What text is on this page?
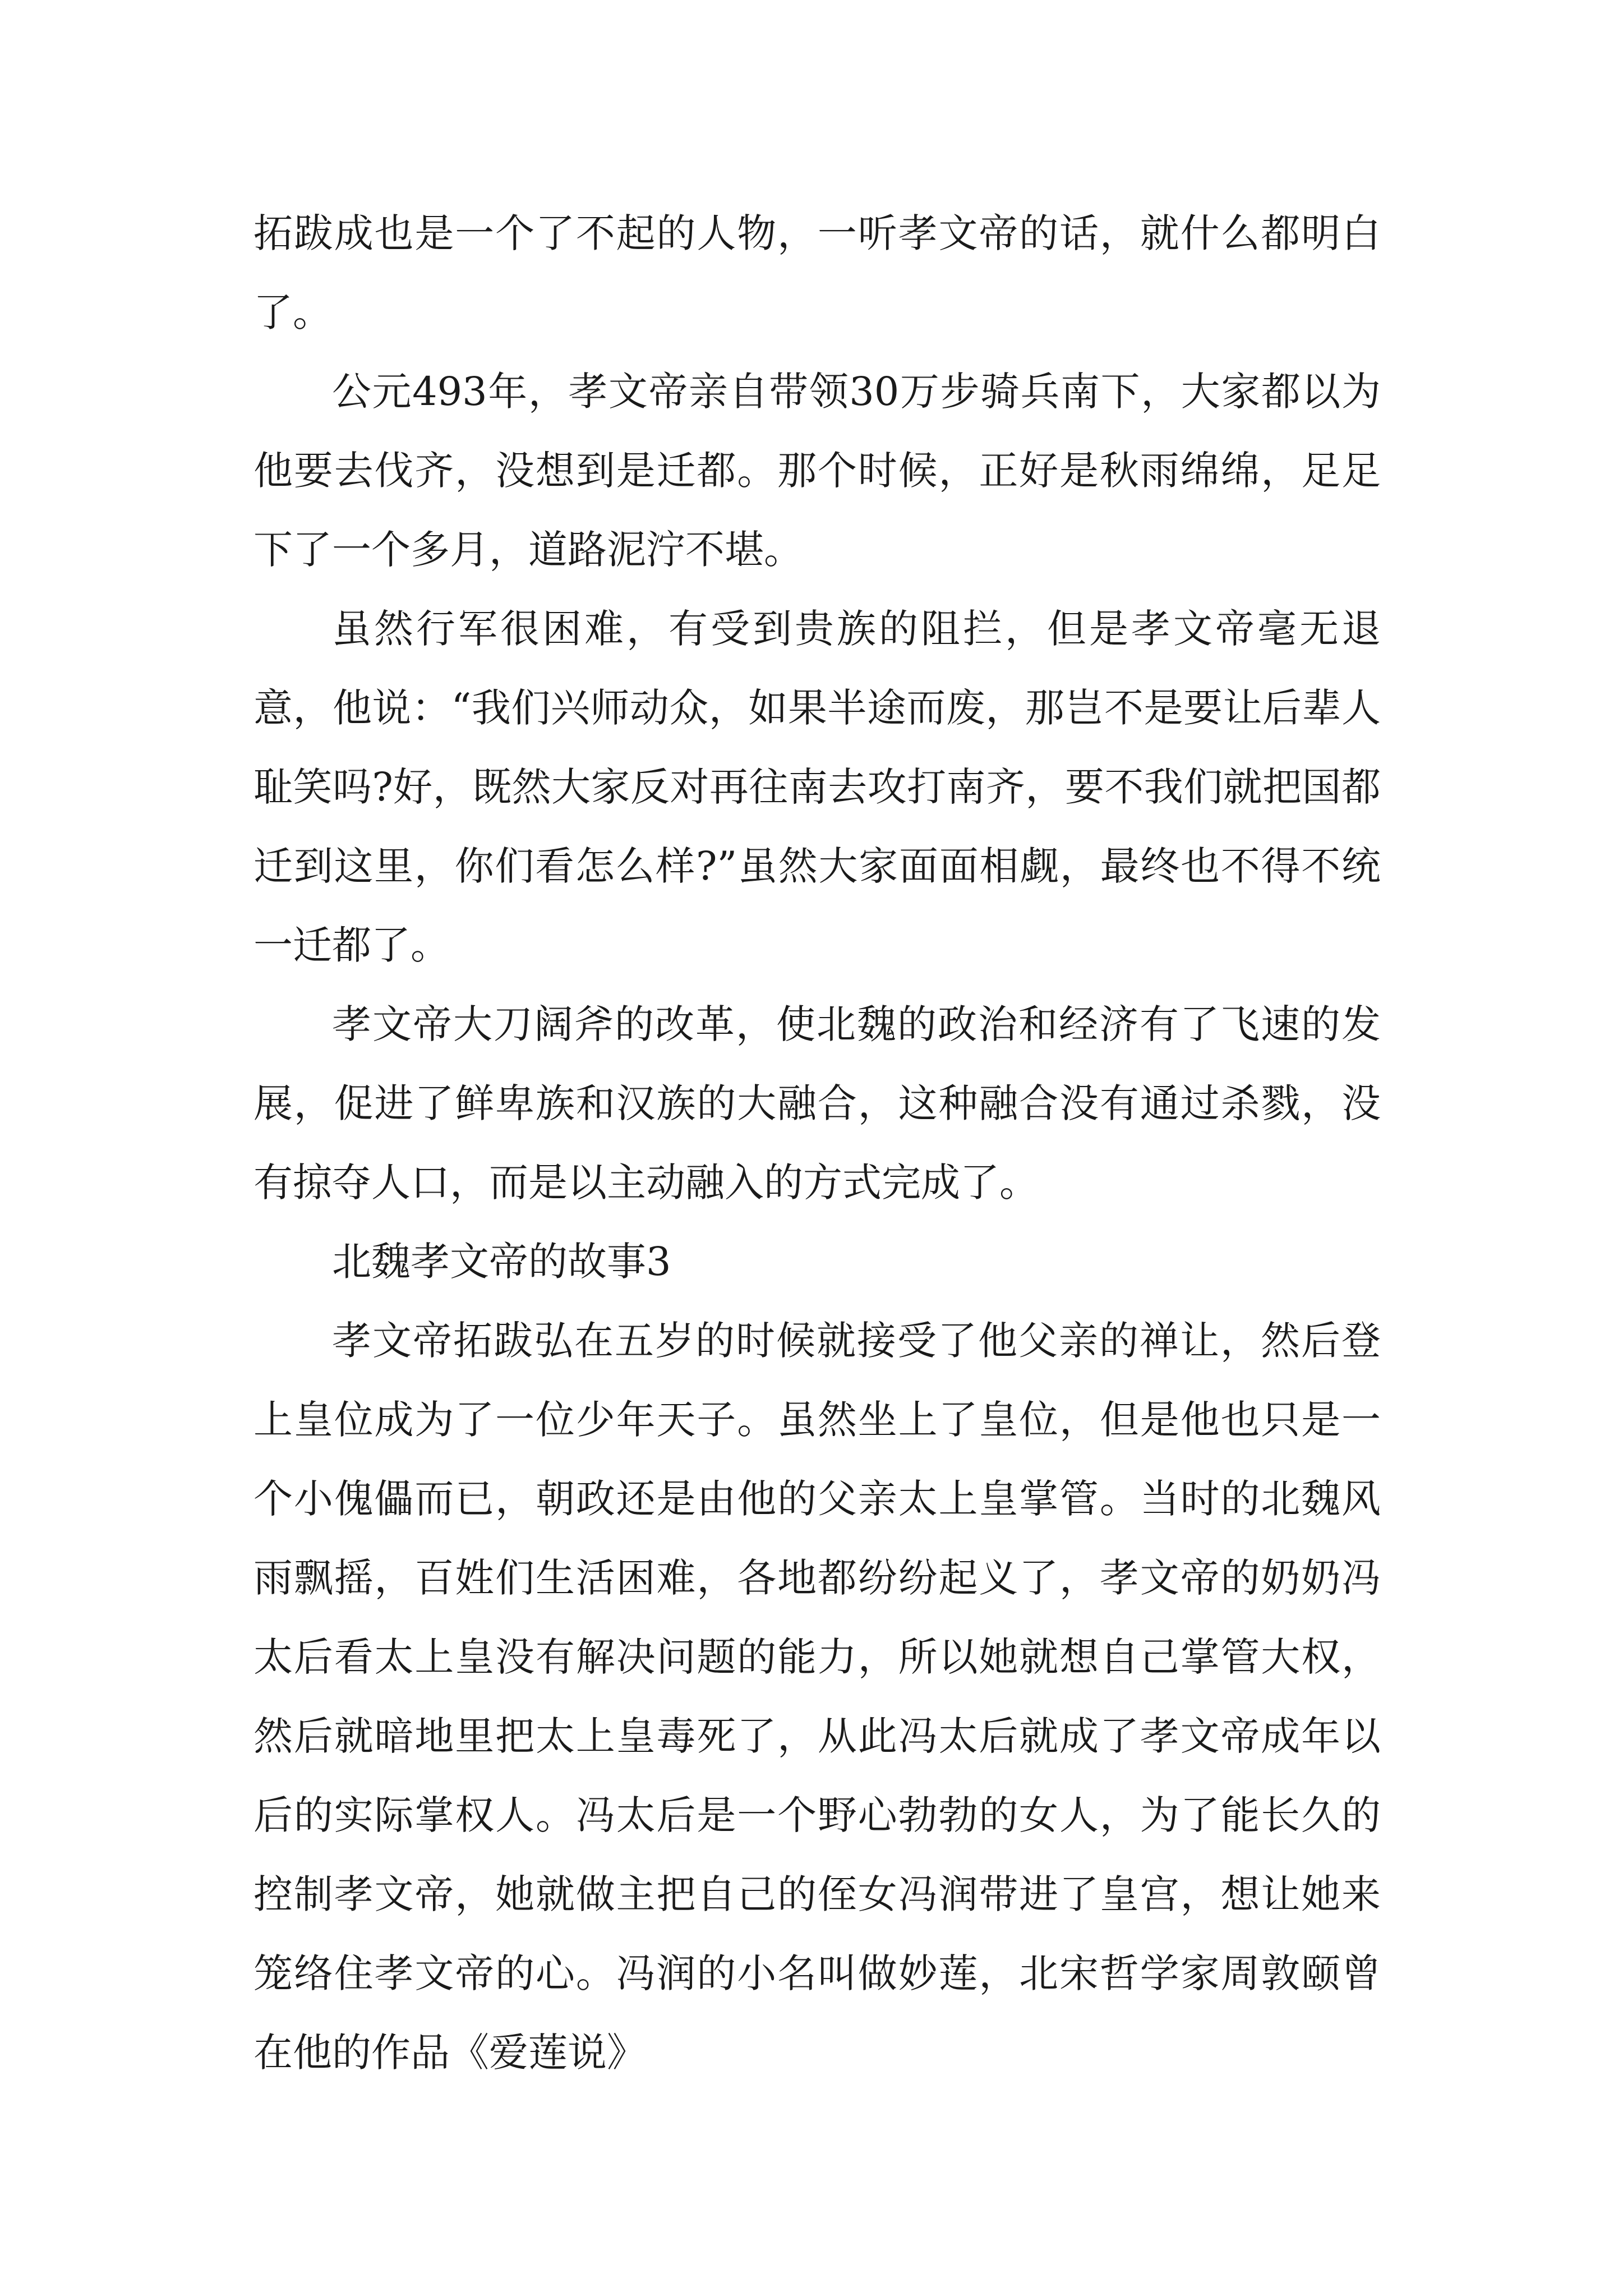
拓跋成也是一个了不起的人物，一听孝文帝的话，就什么都明白了。

公元493年，孝文帝亲自带领30万步骑兵南下，大家都以为他要去伐齐，没想到是迁都。那个时候，正好是秋雨绵绵，足足下了一个多月，道路泥泞不堪。

虽然行军很困难，有受到贵族的阻拦，但是孝文帝毫无退意，他说：“我们兴师动众，如果半途而废，那岂不是要让后辈人耻笑吗?好，既然大家反对再往南去攻打南齐，要不我们就把国都迁到这里，你们看怎么样?”虽然大家面面相觑，最终也不得不统一迁都了。

孝文帝大刀阔斧的改革，使北魏的政治和经济有了飞速的发展，促进了鲜卑族和汉族的大融合，这种融合没有通过杀戮，没有掠夺人口，而是以主动融入的方式完成了。

北魏孝文帝的故事3

孝文帝拓跋弘在五岁的时候就接受了他父亲的禅让，然后登上皇位成为了一位少年天子。虽然坐上了皇位，但是他也只是一个小傀儡而已，朝政还是由他的父亲太上皇掌管。当时的北魏风雨飘摇，百姓们生活困难，各地都纷纷起义了，孝文帝的奶奶冯太后看太上皇没有解决问题的能力，所以她就想自己掌管大权，然后就暗地里把太上皇毒死了，从此冯太后就成了孝文帝成年以后的实际掌权人。冯太后是一个野心勃勃的女人，为了能长久的控制孝文帝，她就做主把自己的侄女冯润带进了皇宫，想让她来笼络住孝文帝的心。冯润的小名叫做妙莲，北宋哲学家周敦颐曾在他的作品《爱莲说》
